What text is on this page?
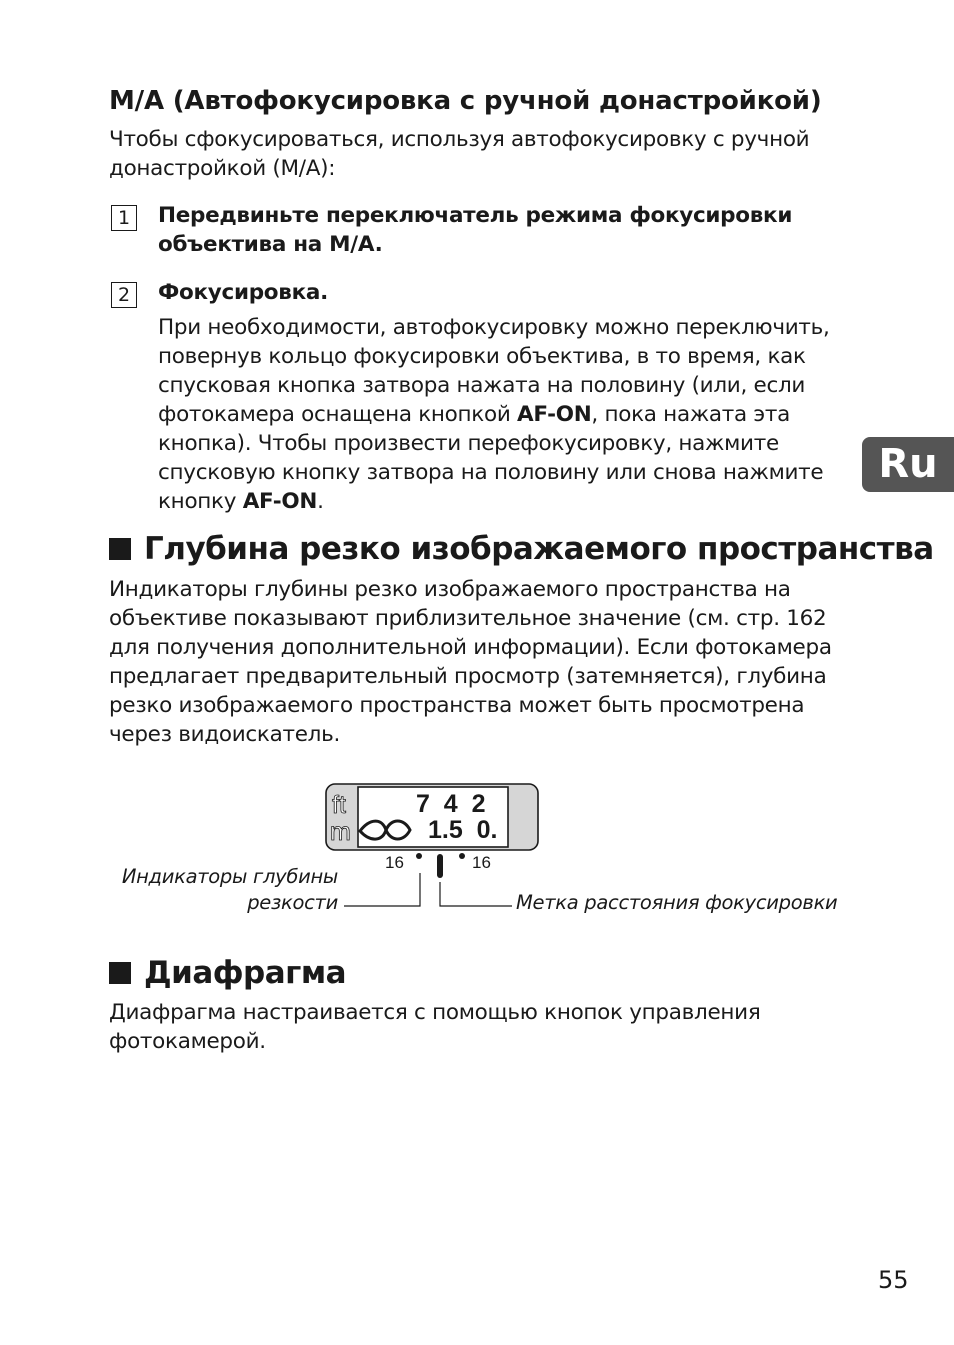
M/A (Автофокусировка с ручной донастройкой)
Чтобы сфокусироваться, используя автофокусировку с ручной
донастройкой (M/A):
1	Передвиньте переключатель режима фокусировки
объектива на M/A.
2	Фокусировка.
При необходимости, автофокусировку можно переключить,
повернув кольцо фокусировки объектива, в то время, как
спусковая кнопка затвора нажата на половину (или, если
фотокамера оснащена кнопкой AF-ON, пока нажата эта
кнопка). Чтобы произвести перефокусировку, нажмите
спусковую кнопку затвора на половину или снова нажмите
кнопку AF-ON.
Ru
Глубина резко изображаемого пространства
Индикаторы глубины резко изображаемого пространства на
объективе показывают приблизительное значение (см. стр. 162
для получения дополнительной информации). Если фотокамера
предлагает предварительный просмотр (затемняется), глубина
резко изображаемого пространства может быть просмотрена
через видоискатель.
ft
m
7  4  2
1.5  0.
16	16
Индикаторы глубины
резкости	Метка расстояния фокусировки
Диафрагма
Диафрагма настраивается с помощью кнопок управления
фотокамерой.
55
